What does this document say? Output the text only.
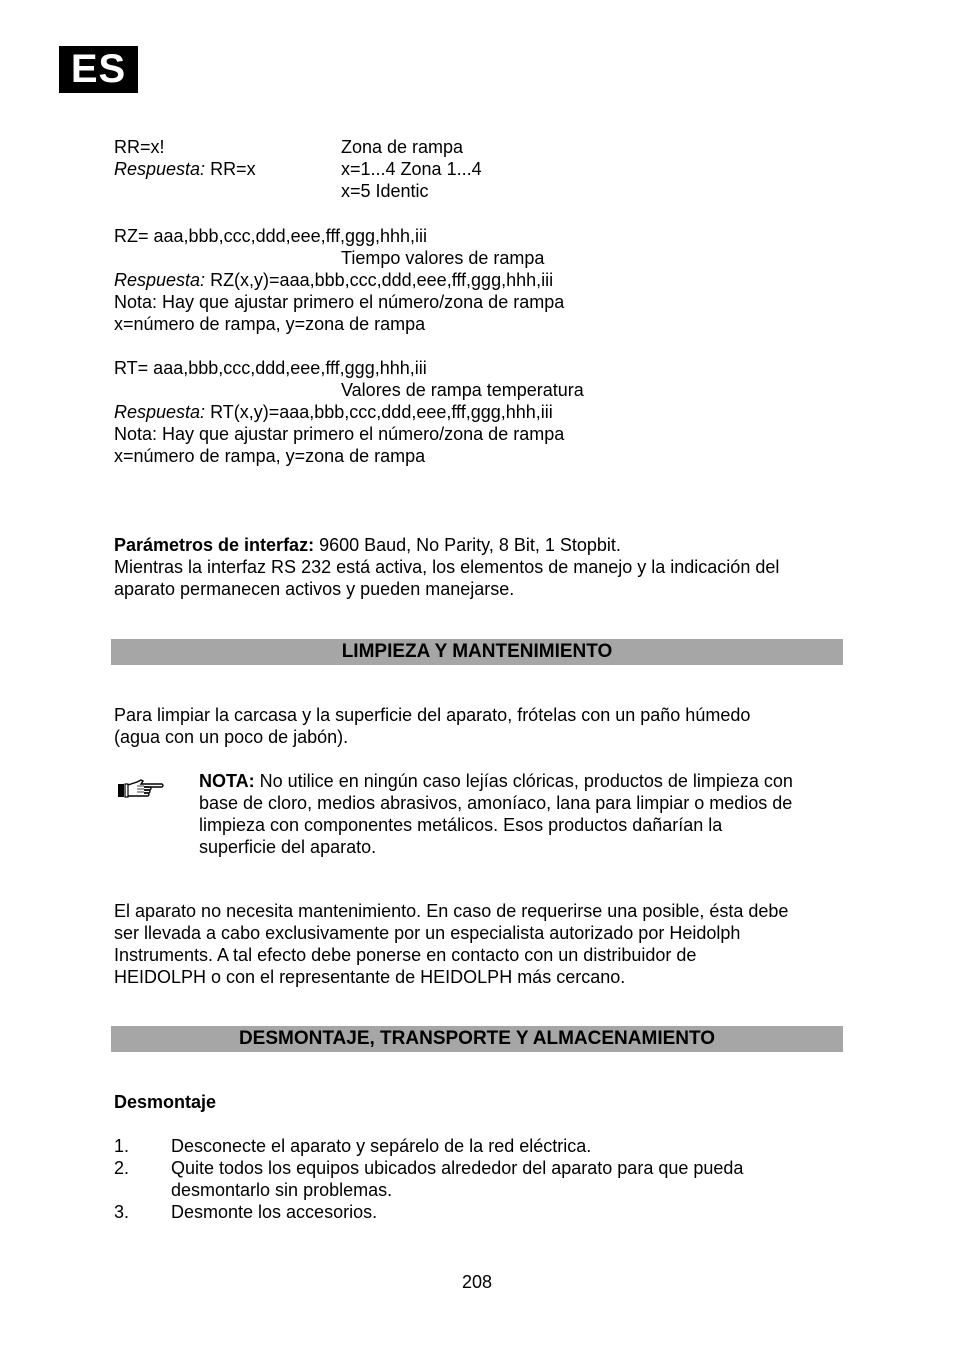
ES
RR=x!	Zona de rampa
Respuesta: RR=x	x=1...4 Zona 1...4
x=5 Identic
RZ= aaa,bbb,ccc,ddd,eee,fff,ggg,hhh,iii
Tiempo valores de rampa
Respuesta: RZ(x,y)=aaa,bbb,ccc,ddd,eee,fff,ggg,hhh,iii
Nota: Hay que ajustar primero el número/zona de rampa
x=número de rampa, y=zona de rampa
RT= aaa,bbb,ccc,ddd,eee,fff,ggg,hhh,iii
Valores de rampa temperatura
Respuesta: RT(x,y)=aaa,bbb,ccc,ddd,eee,fff,ggg,hhh,iii
Nota: Hay que ajustar primero el número/zona de rampa
x=número de rampa, y=zona de rampa
Parámetros de interfaz: 9600 Baud, No Parity, 8 Bit, 1 Stopbit.
Mientras la interfaz RS 232 está activa, los elementos de manejo y la indicación del
aparato permanecen activos y pueden manejarse.
LIMPIEZA Y MANTENIMIENTO
Para limpiar la carcasa y la superficie del aparato, frótelas con un paño húmedo
(agua con un poco de jabón).
NOTA: No utilice en ningún caso lejías clóricas, productos de limpieza con
base de cloro, medios abrasivos, amoníaco, lana para limpiar o medios de
limpieza con componentes metálicos. Esos productos dañarían la
superficie del aparato.
El aparato no necesita mantenimiento. En caso de requerirse una posible, ésta debe
ser llevada a cabo exclusivamente por un especialista autorizado por Heidolph
Instruments. A tal efecto debe ponerse en contacto con un distribuidor de
HEIDOLPH o con el representante de HEIDOLPH más cercano.
DESMONTAJE, TRANSPORTE Y ALMACENAMIENTO
Desmontaje
1. Desconecte el aparato y sepárelo de la red eléctrica.
2. Quite todos los equipos ubicados alrededor del aparato para que pueda
desmontarlo sin problemas.
3. Desmonte los accesorios.
208
